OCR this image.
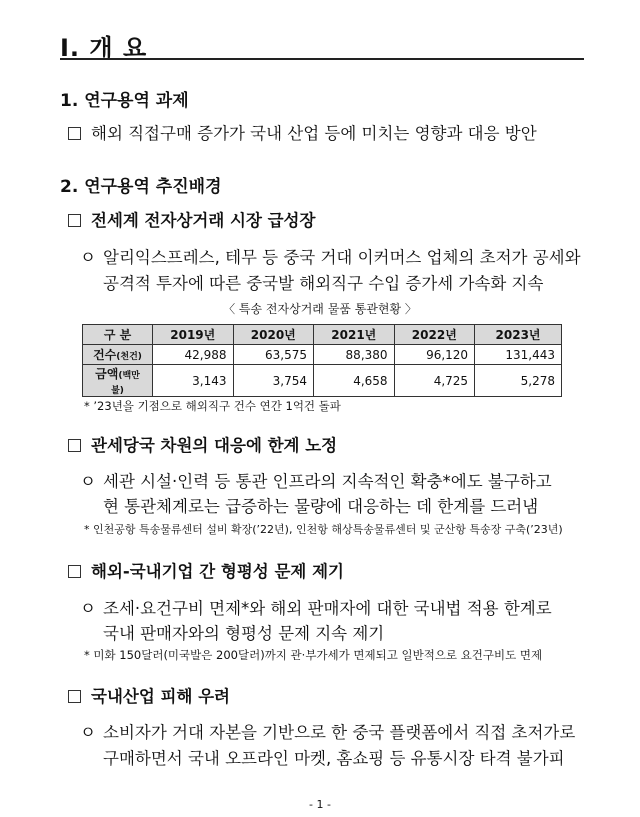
Ⅰ. 개 요
1. 연구용역 과제
해외 직접구매 증가가 국내 산업 등에 미치는 영향과 대응 방안
2. 연구용역 추진배경
전세계 전자상거래 시장 급성장
ㅇ 알리익스프레스, 테무 등 중국 거대 이커머스 업체의 초저가 공세와
공격적 투자에 따른 중국발 해외직구 수입 증가세 가속화 지속
〈 특송 전자상거래 물품 통관현황 〉
구 분	2019년	2020년	2021년	2022년	2023년
건수(천건)	42,988	63,575	88,380	96,120	131,443
금액(백만불)	3,143	3,754	4,658	4,725	5,278
* ’23년을 기점으로 해외직구 건수 연간 1억건 돌파
관세당국 차원의 대응에 한계 노정
ㅇ 세관 시설·인력 등 통관 인프라의 지속적인 확충*에도 불구하고
현 통관체계로는 급증하는 물량에 대응하는 데 한계를 드러냄
* 인천공항 특송물류센터 설비 확장(’22년), 인천항 해상특송물류센터 및 군산항 특송장 구축(’23년)
해외-국내기업 간 형평성 문제 제기
ㅇ 조세·요건구비 면제*와 해외 판매자에 대한 국내법 적용 한계로
국내 판매자와의 형평성 문제 지속 제기
* 미화 150달러(미국발은 200달러)까지 관·부가세가 면제되고 일반적으로 요건구비도 면제
국내산업 피해 우려
ㅇ 소비자가 거대 자본을 기반으로 한 중국 플랫폼에서 직접 초저가로
구매하면서 국내 오프라인 마켓, 홈쇼핑 등 유통시장 타격 불가피
- 1 -
